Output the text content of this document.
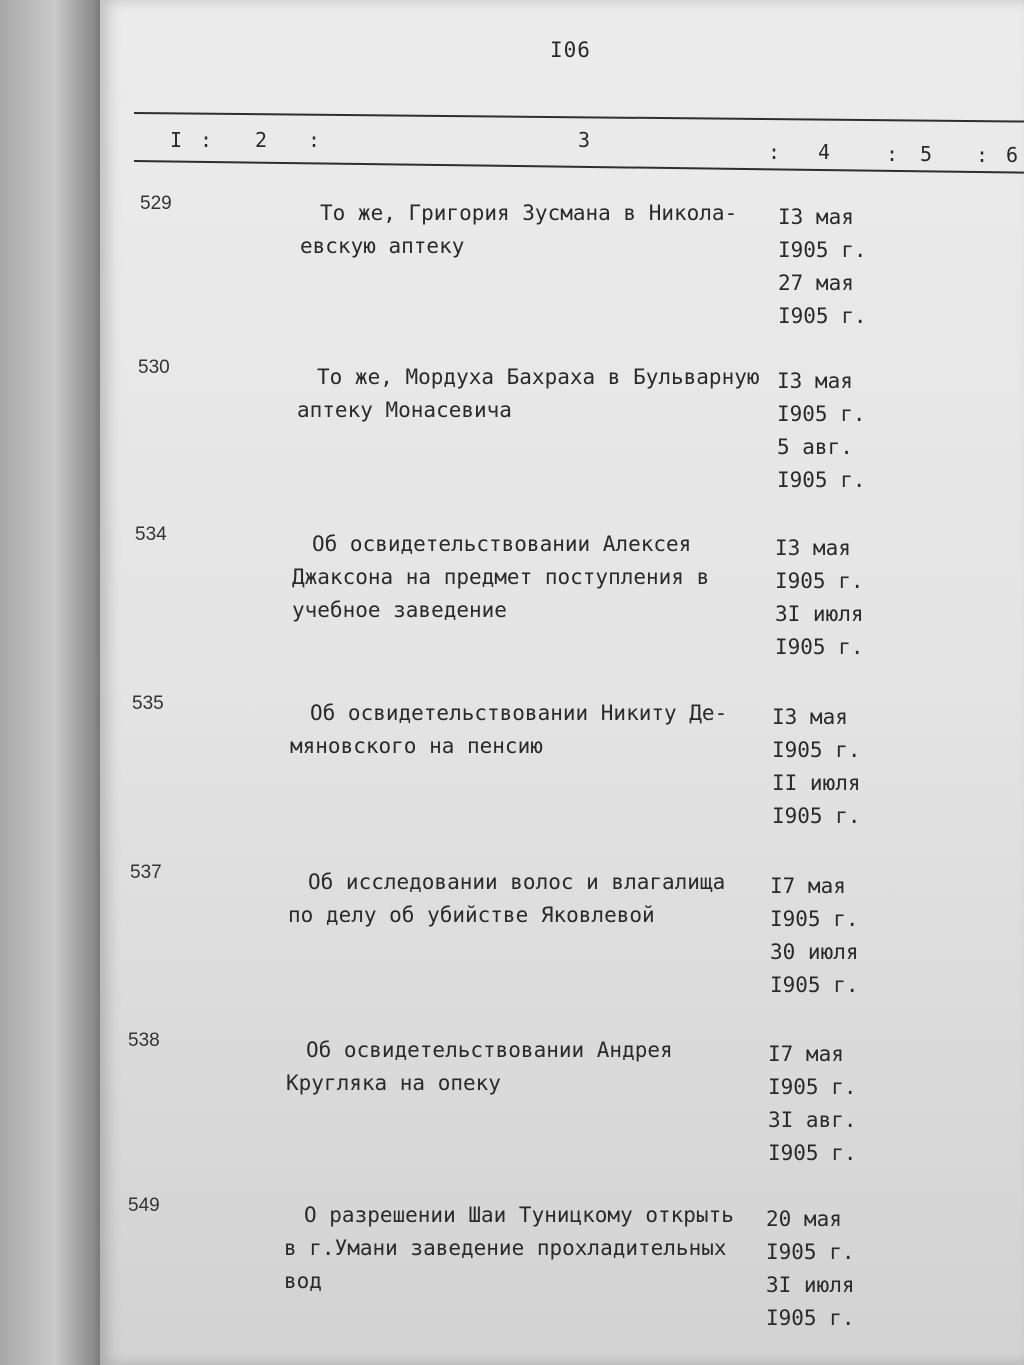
I06
I : 2 :	3	: 4	: 5 : 6
529	То же, Григория Зусмана в Никола-
евскую аптеку
I3 мая
I905 г.
27 мая
I905 г.
530	То же, Мордуха Бахраха в Бульварную
аптеку Монасевича
I3 мая
I905 г.
5 авг.
I905 г.
534	Об освидетельствовании Алексея
Джаксона на предмет поступления в
учебное заведение
I3 мая
I905 г.
3I июля
I905 г.
535	Об освидетельствовании Никиту Де-
мяновского на пенсию
I3 мая
I905 г.
II июля
I905 г.
537	Об исследовании волос и влагалища
по делу об убийстве Яковлевой
I7 мая
I905 г.
30 июля
I905 г.
538	Об освидетельствовании Андрея
Кругляка на опеку
I7 мая
I905 г.
3I авг.
I905 г.
549	О разрешении Шаи Туницкому открыть
в г.Умани заведение прохладительных
вод
20 мая
I905 г.
3I июля
I905 г.
